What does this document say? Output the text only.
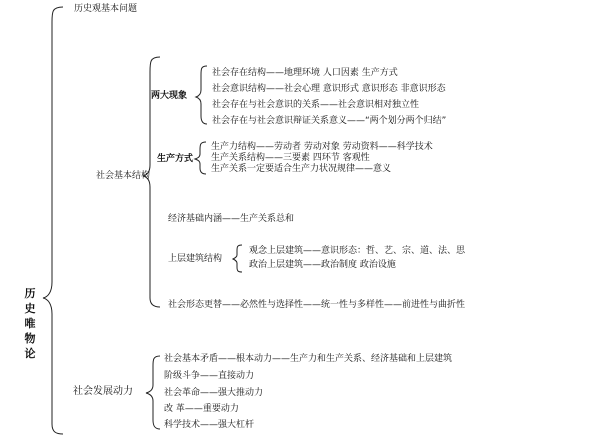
历史唯物论
历史观基本问题
社会基本结构
两大现象
社会存在结构——地理环境 人口因素 生产方式
社会意识结构——社会心理 意识形式 意识形态 非意识形态
社会存在与社会意识的关系——社会意识相对独立性
社会存在与社会意识辩证关系意义——“两个划分两个归结”
生产方式
生产力结构——劳动者 劳动对象 劳动资料——科学技术
生产关系结构——三要素 四环节 客观性
生产关系一定要适合生产力状况规律——意义
经济基础内涵——生产关系总和
上层建筑结构
观念上层建筑——意识形态：哲、艺、宗、道、法、思
政治上层建筑——政治制度 政治设施
社会形态更替——必然性与选择性——统一性与多样性——前进性与曲折性
社会发展动力
社会基本矛盾——根本动力——生产力和生产关系、经济基础和上层建筑
阶级斗争——直接动力
社会革命——强大推动力
改 革——重要动力
科学技术——强大杠杆
